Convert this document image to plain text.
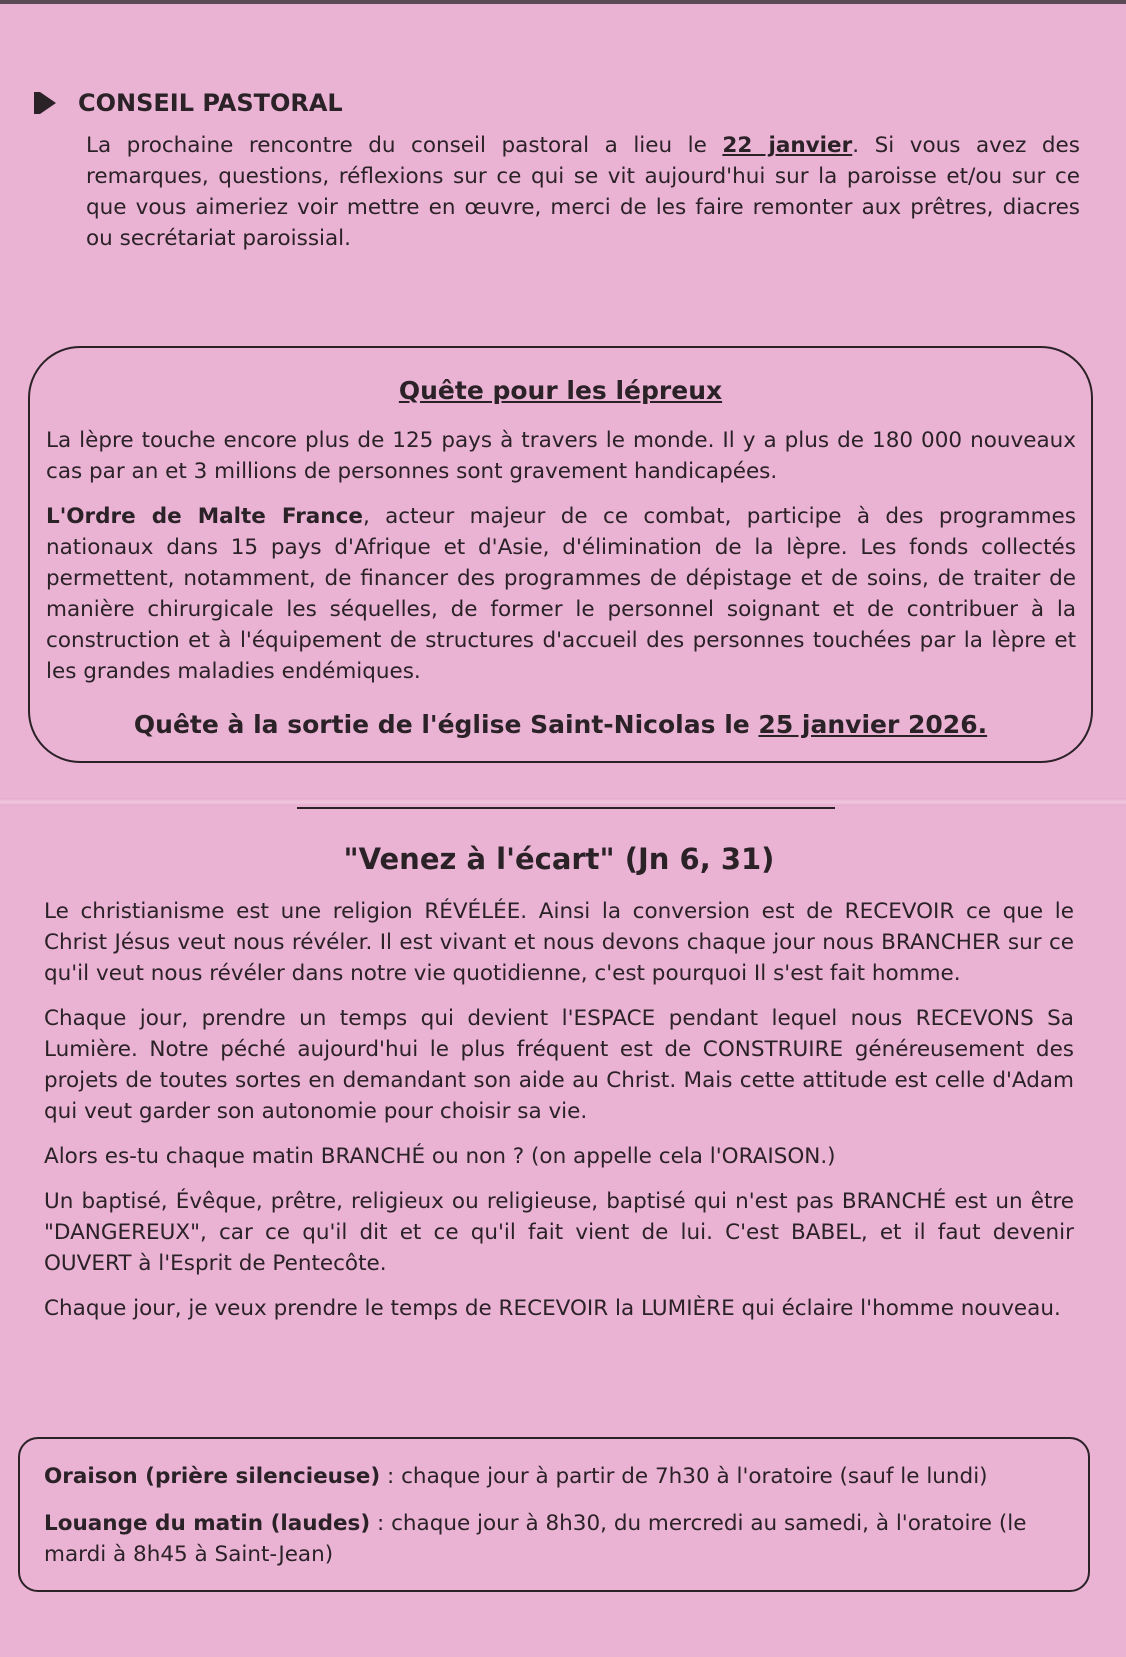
CONSEIL PASTORAL

La prochaine rencontre du conseil pastoral a lieu le 22 janvier. Si vous avez des remarques, questions, réflexions sur ce qui se vit aujourd'hui sur la paroisse et/ou sur ce que vous aimeriez voir mettre en œuvre, merci de les faire remonter aux prêtres, diacres ou secrétariat paroissial.

Quête pour les lépreux

La lèpre touche encore plus de 125 pays à travers le monde. Il y a plus de 180 000 nouveaux cas par an et 3 millions de personnes sont gravement handicapées.

L'Ordre de Malte France, acteur majeur de ce combat, participe à des programmes nationaux dans 15 pays d'Afrique et d'Asie, d'élimination de la lèpre. Les fonds collectés permettent, notamment, de financer des programmes de dépistage et de soins, de traiter de manière chirurgicale les séquelles, de former le personnel soignant et de contribuer à la construction et à l'équipement de structures d'accueil des personnes touchées par la lèpre et les grandes maladies endémiques.

Quête à la sortie de l'église Saint-Nicolas le 25 janvier 2026.
"Venez à l'écart" (Jn 6, 31)

Le christianisme est une religion RÉVÉLÉE. Ainsi la conversion est de RECEVOIR ce que le Christ Jésus veut nous révéler. Il est vivant et nous devons chaque jour nous BRANCHER sur ce qu'il veut nous révéler dans notre vie quotidienne, c'est pourquoi Il s'est fait homme.

Chaque jour, prendre un temps qui devient l'ESPACE pendant lequel nous RECEVONS Sa Lumière. Notre péché aujourd'hui le plus fréquent est de CONSTRUIRE généreusement des projets de toutes sortes en demandant son aide au Christ. Mais cette attitude est celle d'Adam qui veut garder son autonomie pour choisir sa vie.

Alors es-tu chaque matin BRANCHÉ ou non ? (on appelle cela l'ORAISON.)

Un baptisé, Évêque, prêtre, religieux ou religieuse, baptisé qui n'est pas BRANCHÉ est un être "DANGEREUX", car ce qu'il dit et ce qu'il fait vient de lui. C'est BABEL, et il faut devenir OUVERT à l'Esprit de Pentecôte.

Chaque jour, je veux prendre le temps de RECEVOIR la LUMIÈRE qui éclaire l'homme nouveau.

Oraison (prière silencieuse) : chaque jour à partir de 7h30 à l'oratoire (sauf le lundi)

Louange du matin (laudes) : chaque jour à 8h30, du mercredi au samedi, à l'oratoire (le mardi à 8h45 à Saint-Jean)
